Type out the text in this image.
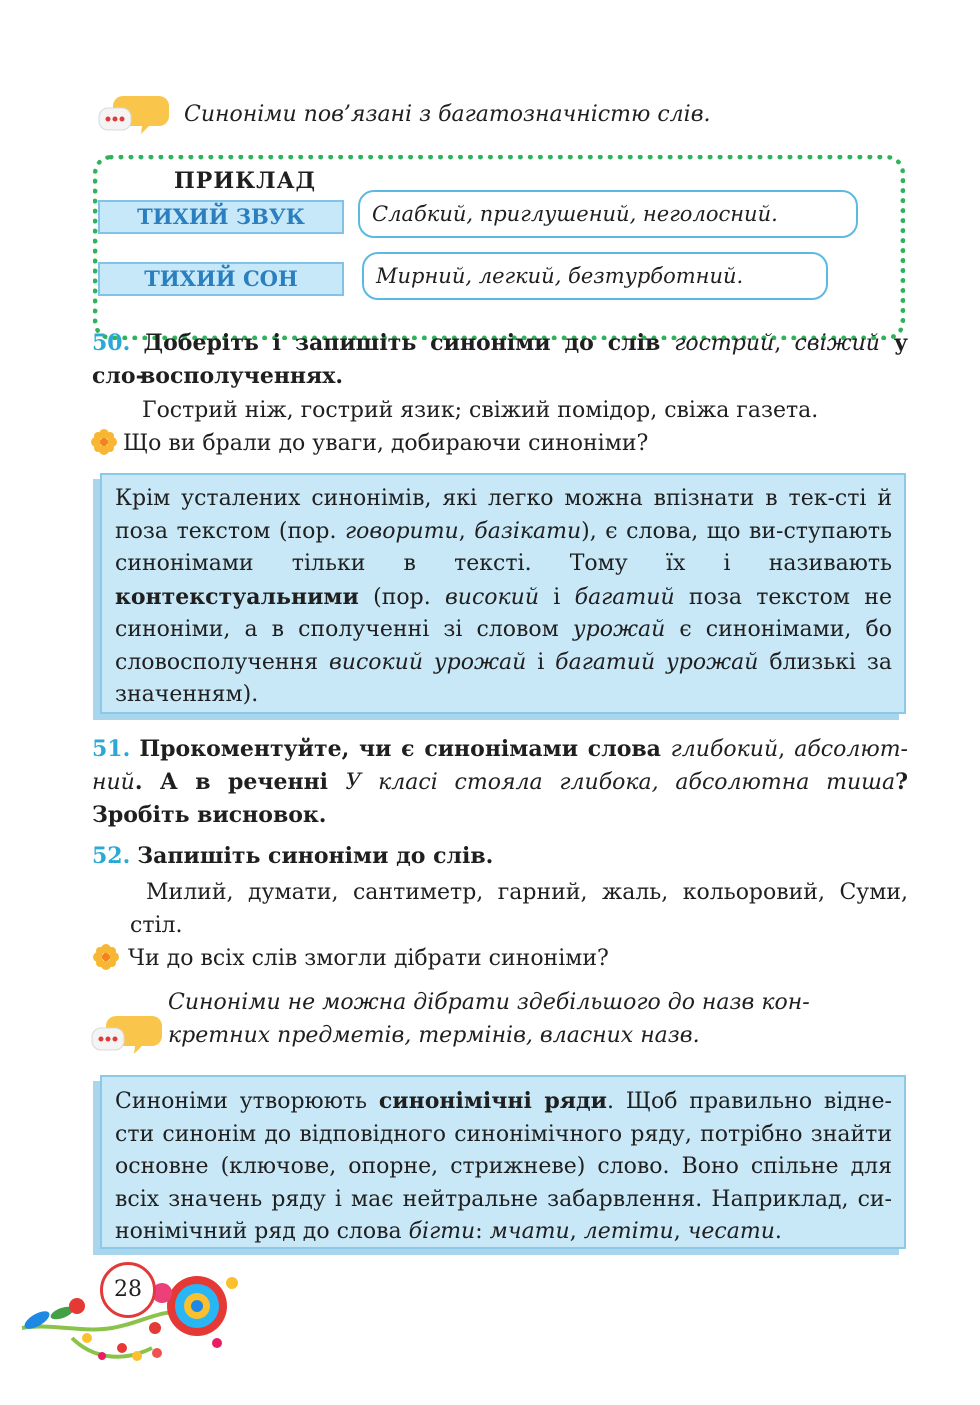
Синоніми пов’язані з багатозначністю слів.
ПРИКЛАД
ТИХИЙ ЗВУК	Слабкий, приглушений, неголосний.
ТИХИЙ СОН	Мирний, легкий, безтурботний.
50. Доберіть і запишіть синоніми до слів гострий, свіжий у сло-
восполученнях.
Гострий ніж, гострий язик; свіжий помідор, свіжа газета.
Що ви брали до уваги, добираючи синоніми?
Крім усталених синонімів, які легко можна впізнати в тек-сті й поза текстом (пор. говорити, базікати), є слова, що ви-ступають синонімами тільки в тексті. Тому їх і називають контекстуальними (пор. високий і багатий поза текстом не синоніми, а в сполученні зі словом урожай є синонімами, бо словосполучення високий урожай і багатий урожай близькі за значенням).
51. Прокоментуйте, чи є синонімами слова глибокий, абсолют-ний. А в реченні У класі стояла глибока, абсолютна тиша? Зробіть висновок.
52. Запишіть синоніми до слів.
Милий, думати, сантиметр, гарний, жаль, кольоровий, Суми, стіл.
Чи до всіх слів змогли дібрати синоніми?
Синоніми не можна дібрати здебільшого до назв кон-кретних предметів, термінів, власних назв.
Синоніми утворюють синонімічні ряди. Щоб правильно відне-сти синонім до відповідного синонімічного ряду, потрібно знайти основне (ключове, опорне, стрижневе) слово. Воно спільне для всіх значень ряду і має нейтральне забарвлення. Наприклад, си-нонімічний ряд до слова бігти: мчати, летіти, чесати.
28
